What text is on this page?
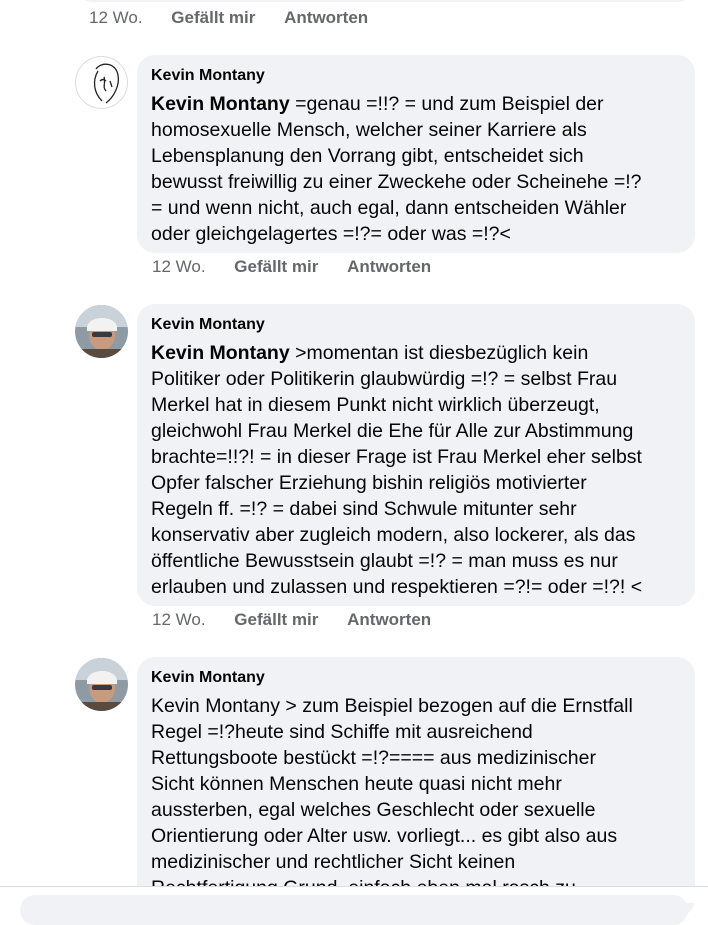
12 Wo. Gefällt mir Antworten
Kevin Montany
Kevin Montany =genau =!!? = und zum Beispiel der
homosexuelle Mensch, welcher seiner Karriere als
Lebensplanung den Vorrang gibt, entscheidet sich
bewusst freiwillig zu einer Zweckehe oder Scheinehe =!?
= und wenn nicht, auch egal, dann entscheiden Wähler
oder gleichgelagertes =!?= oder was =!?<
12 Wo. Gefällt mir Antworten
Kevin Montany
Kevin Montany >momentan ist diesbezüglich kein
Politiker oder Politikerin glaubwürdig =!? = selbst Frau
Merkel hat in diesem Punkt nicht wirklich überzeugt,
gleichwohl Frau Merkel die Ehe für Alle zur Abstimmung
brachte=!!?! = in dieser Frage ist Frau Merkel eher selbst
Opfer falscher Erziehung bishin religiös motivierter
Regeln ff. =!? = dabei sind Schwule mitunter sehr
konservativ aber zugleich modern, also lockerer, als das
öffentliche Bewusstsein glaubt =!? = man muss es nur
erlauben und zulassen und respektieren =?!= oder =!?! <
12 Wo. Gefällt mir Antworten
Kevin Montany
Kevin Montany > zum Beispiel bezogen auf die Ernstfall
Regel =!?heute sind Schiffe mit ausreichend
Rettungsboote bestückt =!?==== aus medizinischer
Sicht können Menschen heute quasi nicht mehr
aussterben, egal welches Geschlecht oder sexuelle
Orientierung oder Alter usw. vorliegt... es gibt also aus
medizinischer und rechtlicher Sicht keinen
